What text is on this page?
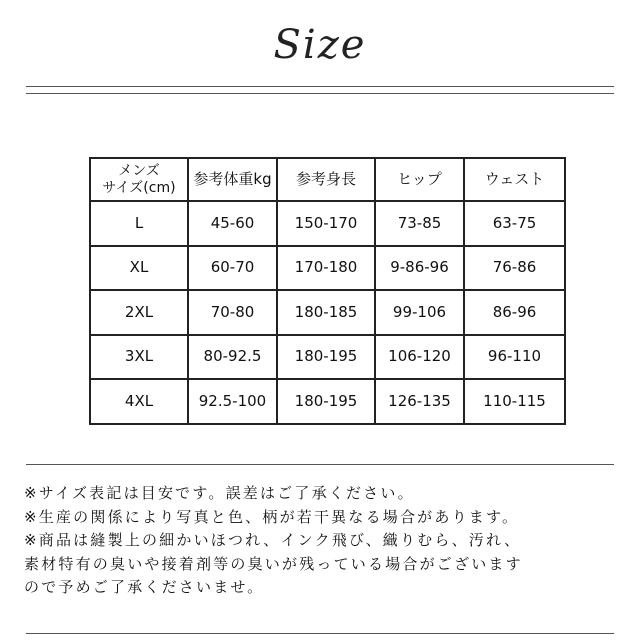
Size
メンズ
サイズ(cm)	参考体重kg	参考身長	ヒップ	ウェスト
L	45-60	150-170	73-85	63-75
XL	60-70	170-180	9-86-96	76-86
2XL	70-80	180-185	99-106	86-96
3XL	80-92.5	180-195	106-120	96-110
4XL	92.5-100	180-195	126-135	110-115
※サイズ表記は目安です。誤差はご了承ください。
※生産の関係により写真と色、柄が若干異なる場合があります。
※商品は縫製上の細かいほつれ、インク飛び、織りむら、汚れ、
素材特有の臭いや接着剤等の臭いが残っている場合がございます
ので予めご了承くださいませ。
